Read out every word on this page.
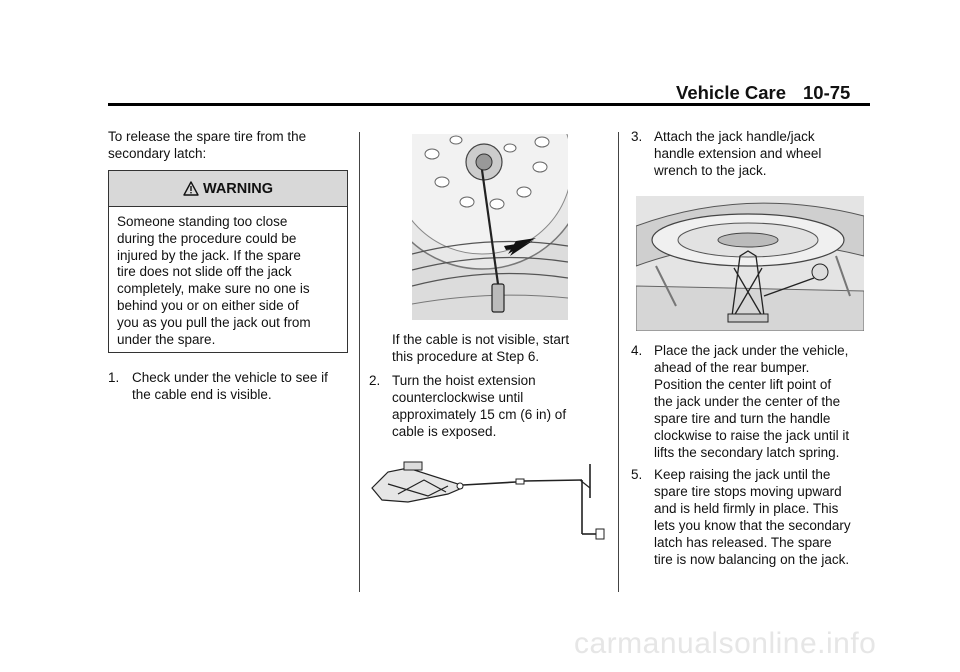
Vehicle Care 10-75
To release the spare tire from the
secondary latch:
WARNING
Someone standing too close
during the procedure could be
injured by the jack. If the spare
tire does not slide off the jack
completely, make sure no one is
behind you or on either side of
you as you pull the jack out from
under the spare.
1. Check under the vehicle to see if
the cable end is visible.
If the cable is not visible, start
this procedure at Step 6.
2. Turn the hoist extension
counterclockwise until
approximately 15 cm (6 in) of
cable is exposed.
3. Attach the jack handle/jack
handle extension and wheel
wrench to the jack.
4. Place the jack under the vehicle,
ahead of the rear bumper.
Position the center lift point of
the jack under the center of the
spare tire and turn the handle
clockwise to raise the jack until it
lifts the secondary latch spring.
5. Keep raising the jack until the
spare tire stops moving upward
and is held firmly in place. This
lets you know that the secondary
latch has released. The spare
tire is now balancing on the jack.
carmanualsonline.info
